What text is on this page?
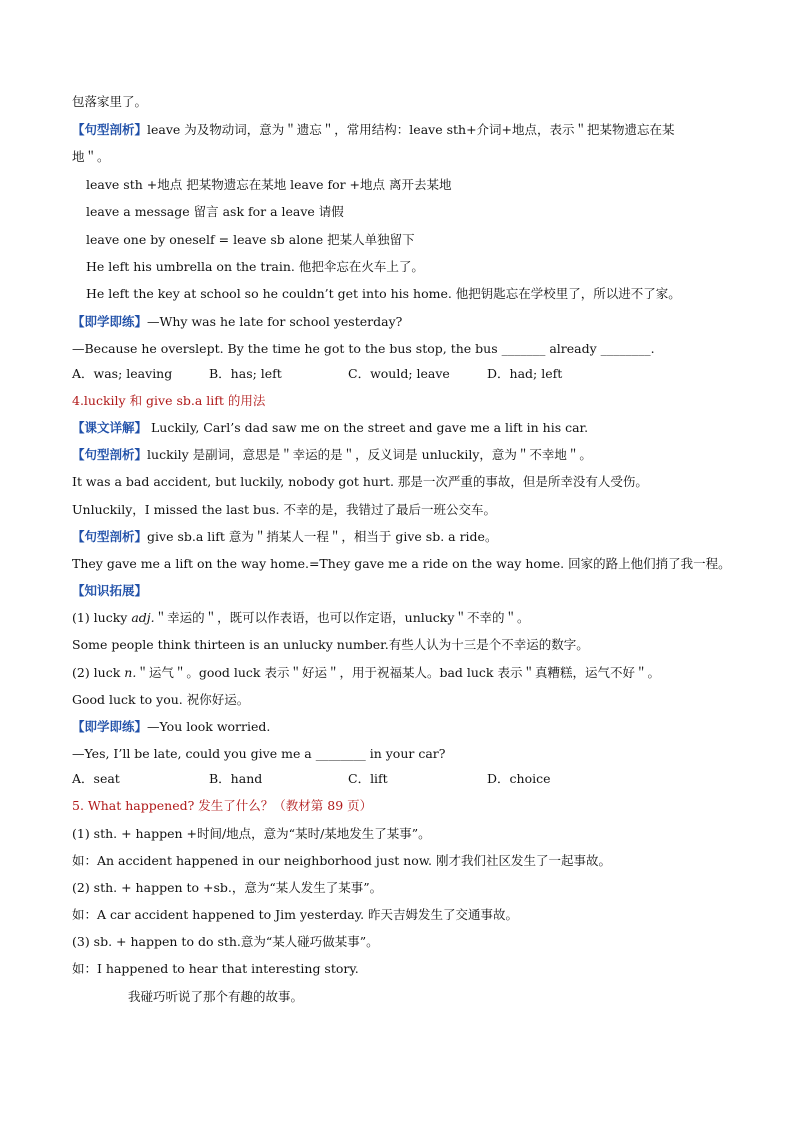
包落家里了。
【句型剖析】leave 为及物动词，意为＂遗忘＂，常用结构：leave sth+介词+地点，表示＂把某物遗忘在某
地＂。
leave sth +地点 把某物遗忘在某地 leave for +地点 离开去某地
leave a message 留言 ask for a leave 请假
leave one by oneself = leave sb alone 把某人单独留下
He left his umbrella on the train. 他把伞忘在火车上了。
He left the key at school so he couldn’t get into his home. 他把钥匙忘在学校里了，所以进不了家。
【即学即练】—Why was he late for school yesterday?
—Because he overslept. By the time he got to the bus stop, the bus _______ already ________.
A．was; leaving	B．has; left	C．would; leave	D．had; left
4.luckily 和 give sb.a lift 的用法
【课文详解】 Luckily, Carl’s dad saw me on the street and gave me a lift in his car.
【句型剖析】luckily 是副词，意思是＂幸运的是＂，反义词是 unluckily，意为＂不幸地＂。
It was a bad accident, but luckily, nobody got hurt. 那是一次严重的事故，但是所幸没有人受伤。
Unluckily，I missed the last bus. 不幸的是，我错过了最后一班公交车。
【句型剖析】give sb.a lift 意为＂捎某人一程＂，相当于 give sb. a ride。
They gave me a lift on the way home.=They gave me a ride on the way home. 回家的路上他们捎了我一程。
【知识拓展】
(1) lucky adj.＂幸运的＂，既可以作表语，也可以作定语，unlucky＂不幸的＂。
Some people think thirteen is an unlucky number.有些人认为十三是个不幸运的数字。
(2) luck n.＂运气＂。good luck 表示＂好运＂，用于祝福某人。bad luck 表示＂真糟糕，运气不好＂。
Good luck to you. 祝你好运。
【即学即练】—You look worried.
—Yes, I’ll be late, could you give me a ________ in your car?
A．seat	B．hand	C．lift	D．choice
5. What happened? 发生了什么？（教材第 89 页）
(1) sth. + happen +时间/地点，意为“某时/某地发生了某事”。
如：An accident happened in our neighborhood just now. 刚才我们社区发生了一起事故。
(2) sth. + happen to +sb.，意为“某人发生了某事”。
如：A car accident happened to Jim yesterday. 昨天吉姆发生了交通事故。
(3) sb. + happen to do sth.意为“某人碰巧做某事”。
如：I happened to hear that interesting story.
我碰巧听说了那个有趣的故事。
